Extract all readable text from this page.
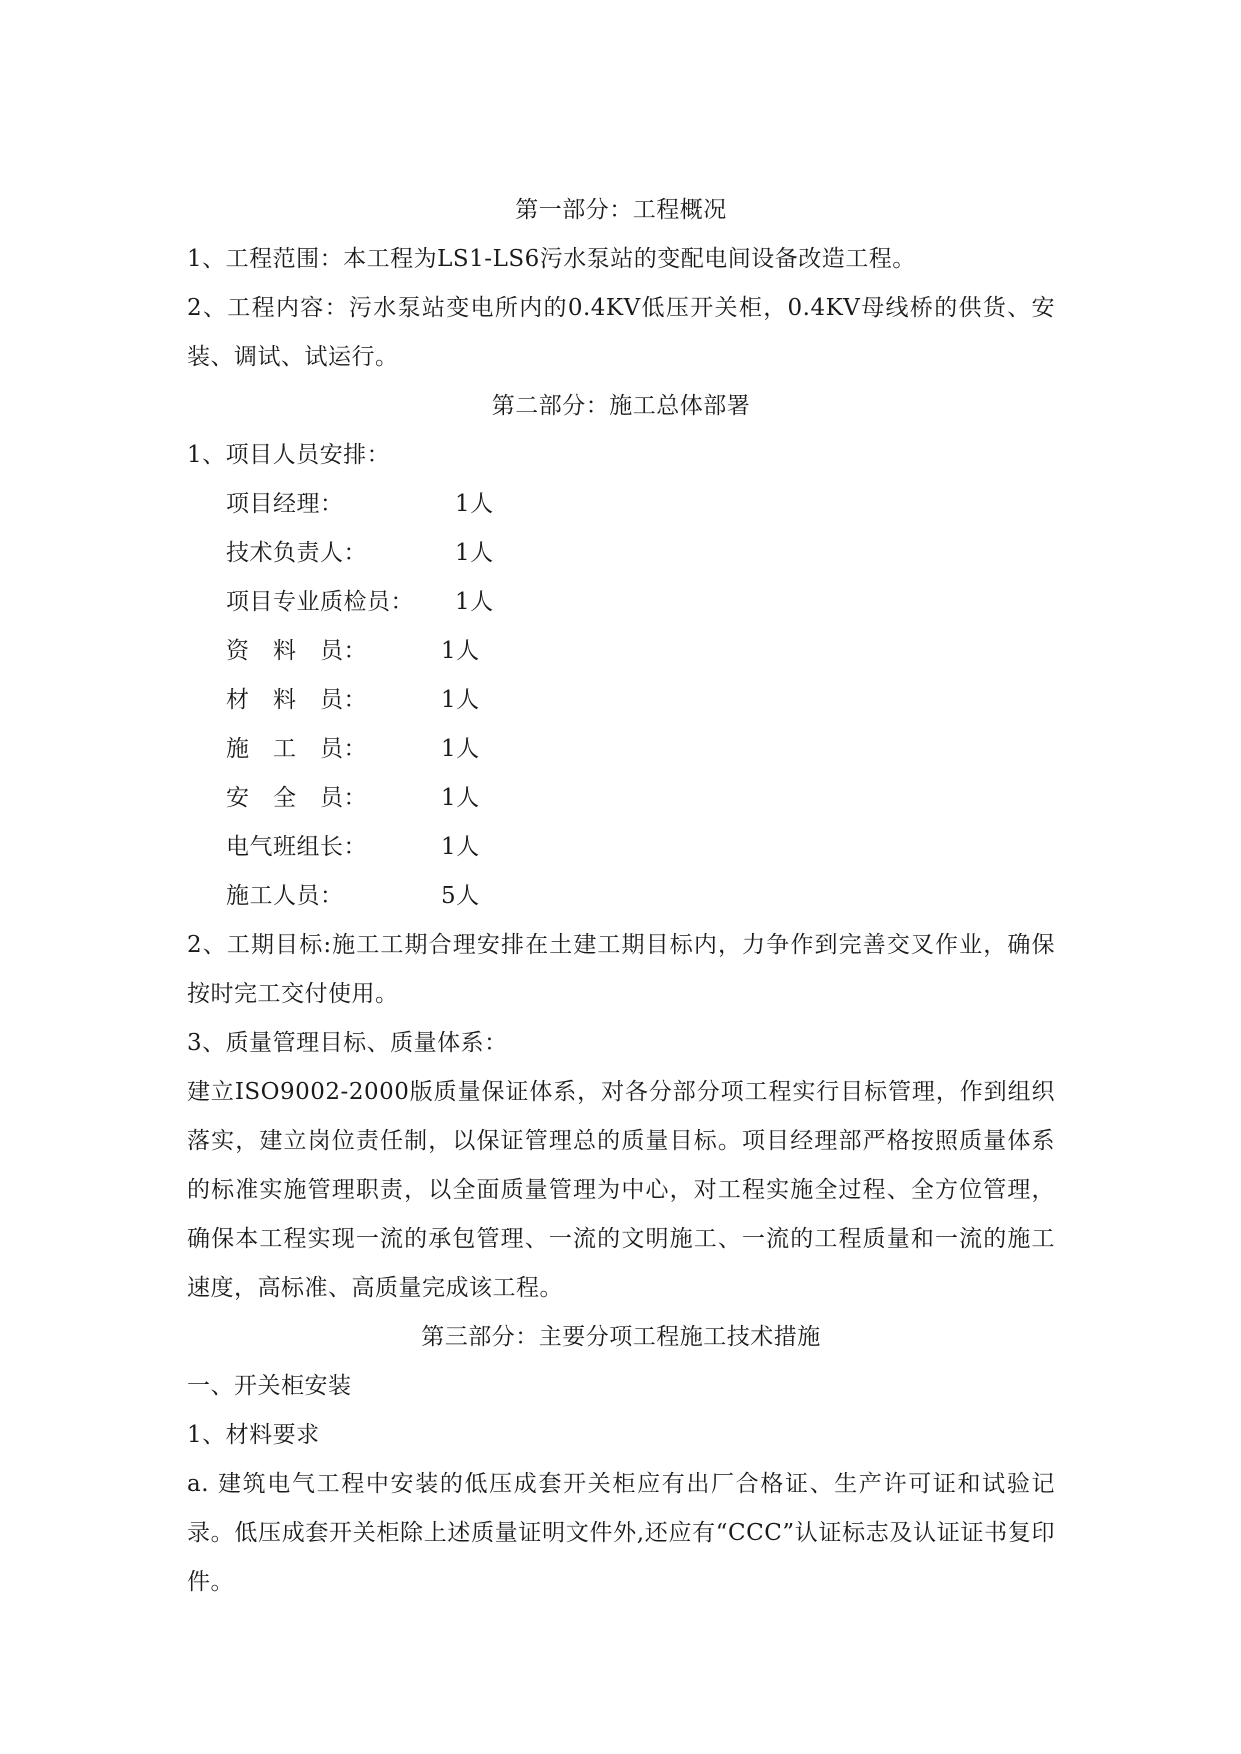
第一部分：工程概况

1、工程范围：本工程为LS1-LS6污水泵站的变配电间设备改造工程。

2、工程内容：污水泵站变电所内的0.4KV低压开关柜，0.4KV母线桥的供货、安装、调试、试运行。

第二部分：施工总体部署

1、项目人员安排：

项目经理：	1人
技术负责人：	1人
项目专业质检员：	1人
资　料　员：	1人
材　料　员：	1人
施　工　员：	1人
安　全　员：	1人
电气班组长：	1人
施工人员：	5人

2、工期目标:施工工期合理安排在土建工期目标内，力争作到完善交叉作业，确保按时完工交付使用。

3、质量管理目标、质量体系：

建立ISO9002-2000版质量保证体系，对各分部分项工程实行目标管理，作到组织落实，建立岗位责任制，以保证管理总的质量目标。项目经理部严格按照质量体系的标准实施管理职责，以全面质量管理为中心，对工程实施全过程、全方位管理，确保本工程实现一流的承包管理、一流的文明施工、一流的工程质量和一流的施工速度，高标准、高质量完成该工程。

第三部分：主要分项工程施工技术措施

一、开关柜安装

1、材料要求

a. 建筑电气工程中安装的低压成套开关柜应有出厂合格证、生产许可证和试验记录。低压成套开关柜除上述质量证明文件外,还应有“CCC”认证标志及认证证书复印件。
